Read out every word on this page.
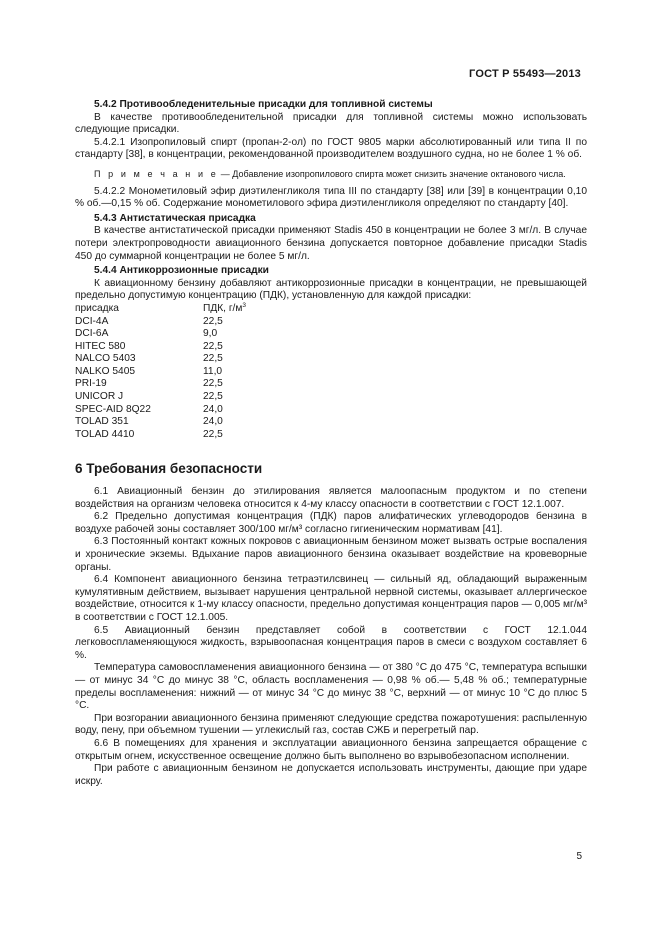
ГОСТ Р 55493—2013

5.4.2 Противообледенительные присадки для топливной системы

В качестве противообледенительной присадки для топливной системы можно использовать следующие присадки.

5.4.2.1 Изопропиловый спирт (пропан-2-ол) по ГОСТ 9805 марки абсолютированный или типа II по стандарту [38], в концентрации, рекомендованной производителем воздушного судна, но не более 1 % об.

П р и м е ч а н и е — Добавление изопропилового спирта может снизить значение октанового числа.

5.4.2.2 Монометиловый эфир диэтиленгликоля типа III по стандарту [38] или [39] в концентрации 0,10 % об.—0,15 % об. Содержание монометилового эфира диэтиленгликоля определяют по стандарту [40].

5.4.3 Антистатическая присадка

В качестве антистатической присадки применяют Stadis 450 в концентрации не более 3 мг/л. В случае потери электропроводности авиационного бензина допускается повторное добавление присадки Stadis 450 до суммарной концентрации не более 5 мг/л.

5.4.4 Антикоррозионные присадки

К авиационному бензину добавляют антикоррозионные присадки в концентрации, не превышающей предельно допустимую концентрацию (ПДК), установленную для каждой присадки:

присадка	ПДК, $г/м^3$
DCI-4A	22,5
DCI-6A	9,0
HITEC 580	22,5
NALCO 5403	22,5
NALKO 5405	11,0
PRI-19	22,5
UNICOR J	22,5
SPEC-AID 8Q22	24,0
TOLAD 351	24,0
TOLAD 4410	22,5

6 Требования безопасности

6.1 Авиационный бензин до этилирования является малоопасным продуктом и по степени воздействия на организм человека относится к 4-му классу опасности в соответствии с ГОСТ 12.1.007.

6.2 Предельно допустимая концентрация (ПДК) паров алифатических углеводородов бензина в воздухе рабочей зоны составляет 300/100 мг/м³ согласно гигиеническим нормативам [41].

6.3 Постоянный контакт кожных покровов с авиационным бензином может вызвать острые воспаления и хронические экземы. Вдыхание паров авиационного бензина оказывает воздействие на кровеворные органы.

6.4 Компонент авиационного бензина тетраэтилсвинец — сильный яд, обладающий выраженным кумулятивным действием, вызывает нарушения центральной нервной системы, оказывает аллергическое воздействие, относится к 1-му классу опасности, предельно допустимая концентрация паров — 0,005 мг/м³ в соответствии с ГОСТ 12.1.005.

6.5 Авиационный бензин представляет собой в соответствии с ГОСТ 12.1.044 легковоспламеняющуюся жидкость, взрывоопасная концентрация паров в смеси с воздухом составляет 6 %.

Температура самовоспламенения авиационного бензина — от 380 °С до 475 °С, температура вспышки — от минус 34 °С до минус 38 °С, область воспламенения — 0,98 % об.— 5,48 % об.; температурные пределы воспламенения: нижний — от минус 34 °С до минус 38 °С, верхний — от минус 10 °С до плюс 5 °С.

При возгорании авиационного бензина применяют следующие средства пожаротушения: распыленную воду, пену, при объемном тушении — углекислый газ, состав СЖБ и перегретый пар.

6.6 В помещениях для хранения и эксплуатации авиационного бензина запрещается обращение с открытым огнем, искусственное освещение должно быть выполнено во взрывобезопасном исполнении.

При работе с авиационным бензином не допускается использовать инструменты, дающие при ударе искру.

5
